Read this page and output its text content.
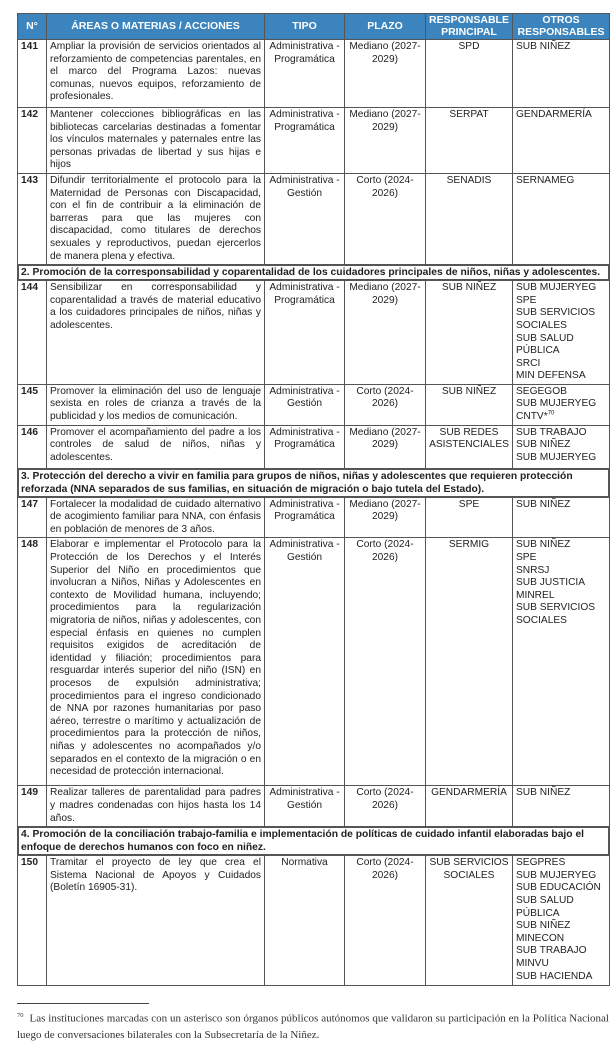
N°	ÁREAS O MATERIAS / ACCIONES	TIPO	PLAZO	RESPONSABLE PRINCIPAL	OTROS RESPONSABLES
141	Ampliar la provisión de servicios orientados al reforzamiento de competencias parentales, en el marco del Programa Lazos: nuevas comunas, nuevos equipos, reforzamiento de profesionales.	Administrativa - Programática	Mediano (2027-2029)	SPD	SUB NIÑEZ

142	Mantener colecciones bibliográficas en las bibliotecas carcelarias destinadas a fomentar los vínculos maternales y paternales entre las personas privadas de libertad y sus hijas e hijos	Administrativa - Programática	Mediano (2027-2029)	SERPAT	GENDARMERÍA

143	Difundir territorialmente el protocolo para la Maternidad de Personas con Discapacidad, con el fin de contribuir a la eliminación de barreras para que las mujeres con discapacidad, como titulares de derechos sexuales y reproductivos, puedan ejercerlos de manera plena y efectiva.	Administrativa - Gestión	Corto (2024-2026)	SENADIS	SERNAMEG

2. Promoción de la corresponsabilidad y coparentalidad de los cuidadores principales de niños, niñas y adolescentes.					
144	Sensibilizar en corresponsabilidad y coparentalidad a través de material educativo a los cuidadores principales de niños, niñas y adolescentes.	Administrativa - Programática	Mediano (2027-2029)	SUB NIÑEZ	SUB MUJERYEG
SPE
SUB SERVICIOS
SOCIALES
SUB SALUD
PÚBLICA
SRCI
MIN DEFENSA

145	Promover la eliminación del uso de lenguaje sexista en roles de crianza a través de la publicidad y los medios de comunicación.	Administrativa - Gestión	Corto (2024-2026)	SUB NIÑEZ	SEGEGOB
SUB MUJERYEG
CNTV*$^{70}$

146	Promover el acompañamiento del padre a los controles de salud de niños, niñas y adolescentes.	Administrativa - Programática	Mediano (2027-2029)	SUB REDES ASISTENCIALES	SUB TRABAJO
SUB NIÑEZ
SUB MUJERYEG

3. Protección del derecho a vivir en familia para grupos de niños, niñas y adolescentes que requieren protección reforzada (NNA separados de sus familias, en situación de migración o bajo tutela del Estado).					
147	Fortalecer la modalidad de cuidado alternativo de acogimiento familiar para NNA, con énfasis en población de menores de 3 años.	Administrativa - Programática	Mediano (2027-2029)	SPE	SUB NIÑEZ

148	Elaborar e implementar el Protocolo para la Protección de los Derechos y el Interés Superior del Niño en procedimientos que involucran a Niños, Niñas y Adolescentes en contexto de Movilidad humana, incluyendo; procedimientos para la regularización migratoria de niños, niñas y adolescentes, con especial énfasis en quienes no cumplen requisitos exigidos de acreditación de identidad y filiación; procedimientos para resguardar interés superior del niño (ISN) en procesos de expulsión administrativa; procedimientos para el ingreso condicionado de NNA por razones humanitarias por paso aéreo, terrestre o marítimo y actualización de procedimientos para la protección de niños, niñas y adolescentes no acompañados y/o separados en el contexto de la migración o en necesidad de protección internacional.	Administrativa - Gestión	Corto (2024-2026)	SERMIG	SUB NIÑEZ
SPE
SNRSJ
SUB JUSTICIA
MINREL
SUB SERVICIOS
SOCIALES

149	Realizar talleres de parentalidad para padres y madres condenadas con hijos hasta los 14 años.	Administrativa - Gestión	Corto (2024-2026)	GENDARMERÍA	SUB NIÑEZ

4. Promoción de la conciliación trabajo-familia e implementación de políticas de cuidado infantil elaboradas bajo el enfoque de derechos humanos con foco en niñez.					
150	Tramitar el proyecto de ley que crea el Sistema Nacional de Apoyos y Cuidados (Boletín 16905-31).	Normativa	Corto (2024-2026)	SUB SERVICIOS SOCIALES	
SEGPRES
SUB MUJERYEG
SUB EDUCACIÓN
SUB SALUD
PÚBLICA
SUB NIÑEZ
MINECON
SUB TRABAJO
MINVU
SUB HACIENDA
$^{70}$ Las instituciones marcadas con un asterisco son órganos públicos autónomos que validaron su participación en la Política Nacional luego de conversaciones bilaterales con la Subsecretaría de la Niñez.
